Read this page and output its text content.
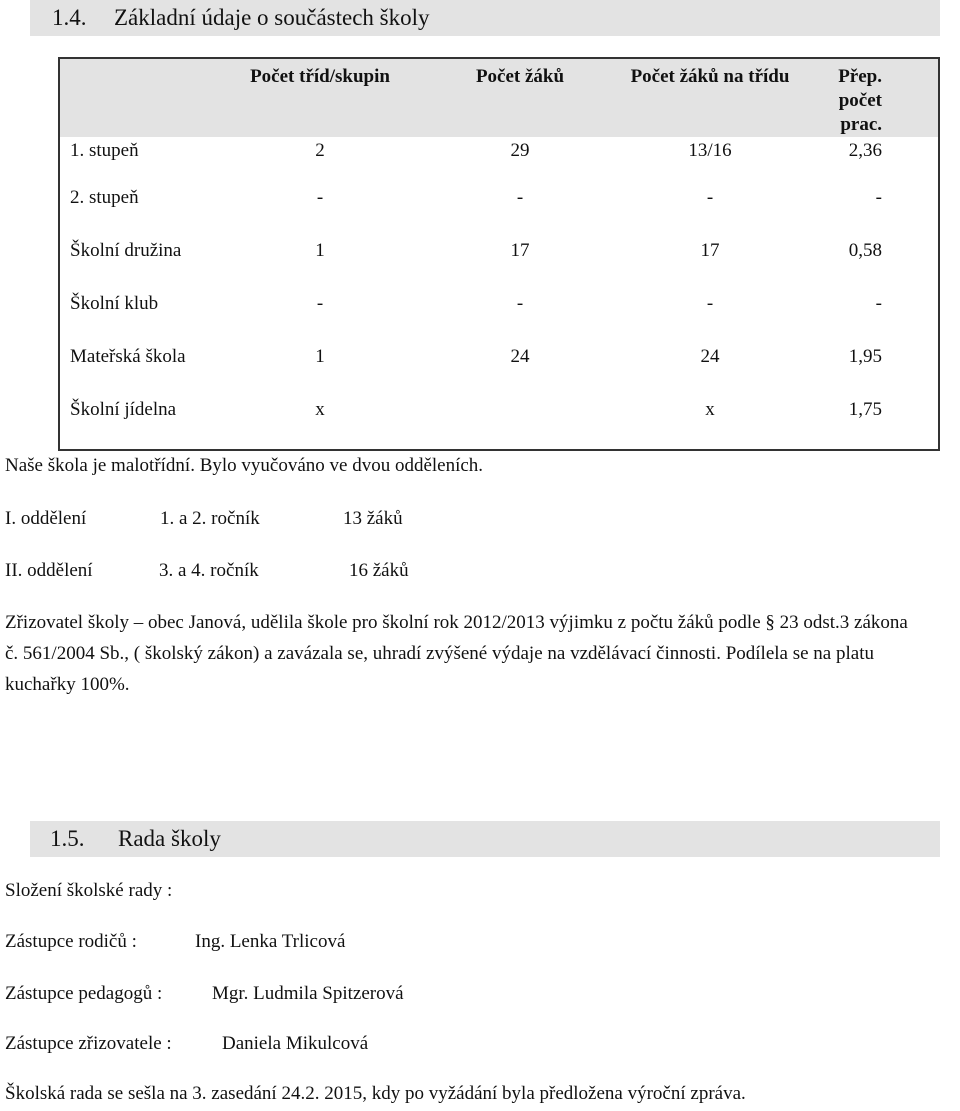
1.4.	Základní údaje o součástech školy
	Počet tříd/skupin	Počet žáků	Počet žáků na třídu	Přep. počet prac.
1. stupeň	2	29	13/16	2,36
2. stupeň	-	-	-	-
Školní družina	1	17	17	0,58
Školní klub	-	-	-	-
Mateřská škola	1	24	24	1,95
Školní jídelna	x		x	1,75
Naše škola je malotřídní. Bylo vyučováno ve dvou odděleních.
I. oddělení	1. a 2. ročník	13 žáků
II. oddělení	3. a 4. ročník	16 žáků
Zřizovatel školy – obec Janová, udělila škole pro školní rok 2012/2013 výjimku z počtu žáků podle § 23 odst.3 zákona č. 561/2004 Sb., ( školský zákon) a zavázala se, uhradí zvýšené výdaje na vzdělávací činnosti. Podílela se na platu kuchařky 100%.
1.5.	Rada školy
Složení školské rady :
Zástupce rodičů :	Ing. Lenka Trlicová
Zástupce pedagogů :	Mgr. Ludmila Spitzerová
Zástupce zřizovatele :	Daniela Mikulcová
Školská rada se sešla na 3. zasedání 24.2. 2015, kdy po vyžádání byla předložena výroční zpráva.
